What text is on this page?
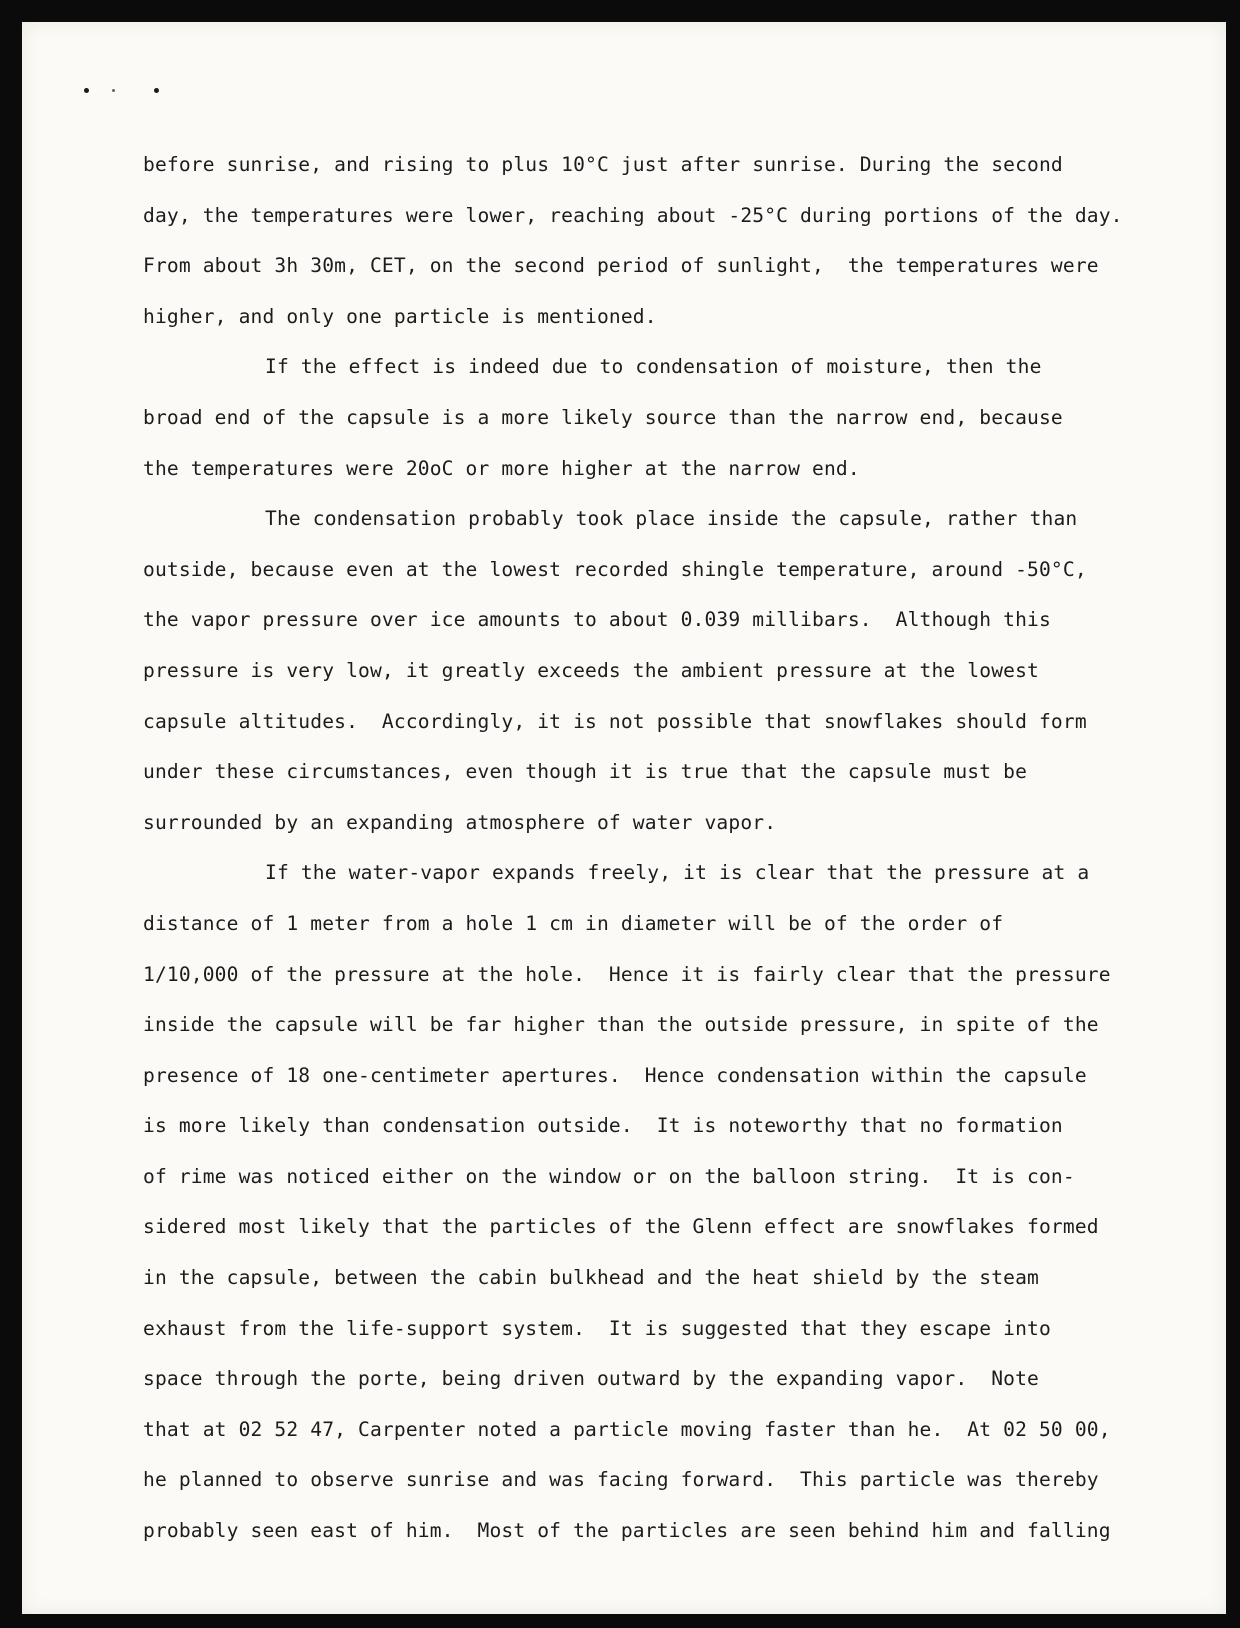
before sunrise, and rising to plus 10°C just after sunrise. During the second
day, the temperatures were lower, reaching about -25°C during portions of the day.
From about 3h 30m, CET, on the second period of sunlight,  the temperatures were
higher, and only one particle is mentioned.
If the effect is indeed due to condensation of moisture, then the
broad end of the capsule is a more likely source than the narrow end, because
the temperatures were 20oC or more higher at the narrow end.
The condensation probably took place inside the capsule, rather than
outside, because even at the lowest recorded shingle temperature, around -50°C,
the vapor pressure over ice amounts to about 0.039 millibars.  Although this
pressure is very low, it greatly exceeds the ambient pressure at the lowest
capsule altitudes.  Accordingly, it is not possible that snowflakes should form
under these circumstances, even though it is true that the capsule must be
surrounded by an expanding atmosphere of water vapor.
If the water-vapor expands freely, it is clear that the pressure at a
distance of 1 meter from a hole 1 cm in diameter will be of the order of
1/10,000 of the pressure at the hole.  Hence it is fairly clear that the pressure
inside the capsule will be far higher than the outside pressure, in spite of the
presence of 18 one-centimeter apertures.  Hence condensation within the capsule
is more likely than condensation outside.  It is noteworthy that no formation
of rime was noticed either on the window or on the balloon string.  It is con-
sidered most likely that the particles of the Glenn effect are snowflakes formed
in the capsule, between the cabin bulkhead and the heat shield by the steam
exhaust from the life-support system.  It is suggested that they escape into
space through the porte, being driven outward by the expanding vapor.  Note
that at 02 52 47, Carpenter noted a particle moving faster than he.  At 02 50 00,
he planned to observe sunrise and was facing forward.  This particle was thereby
probably seen east of him.  Most of the particles are seen behind him and falling
